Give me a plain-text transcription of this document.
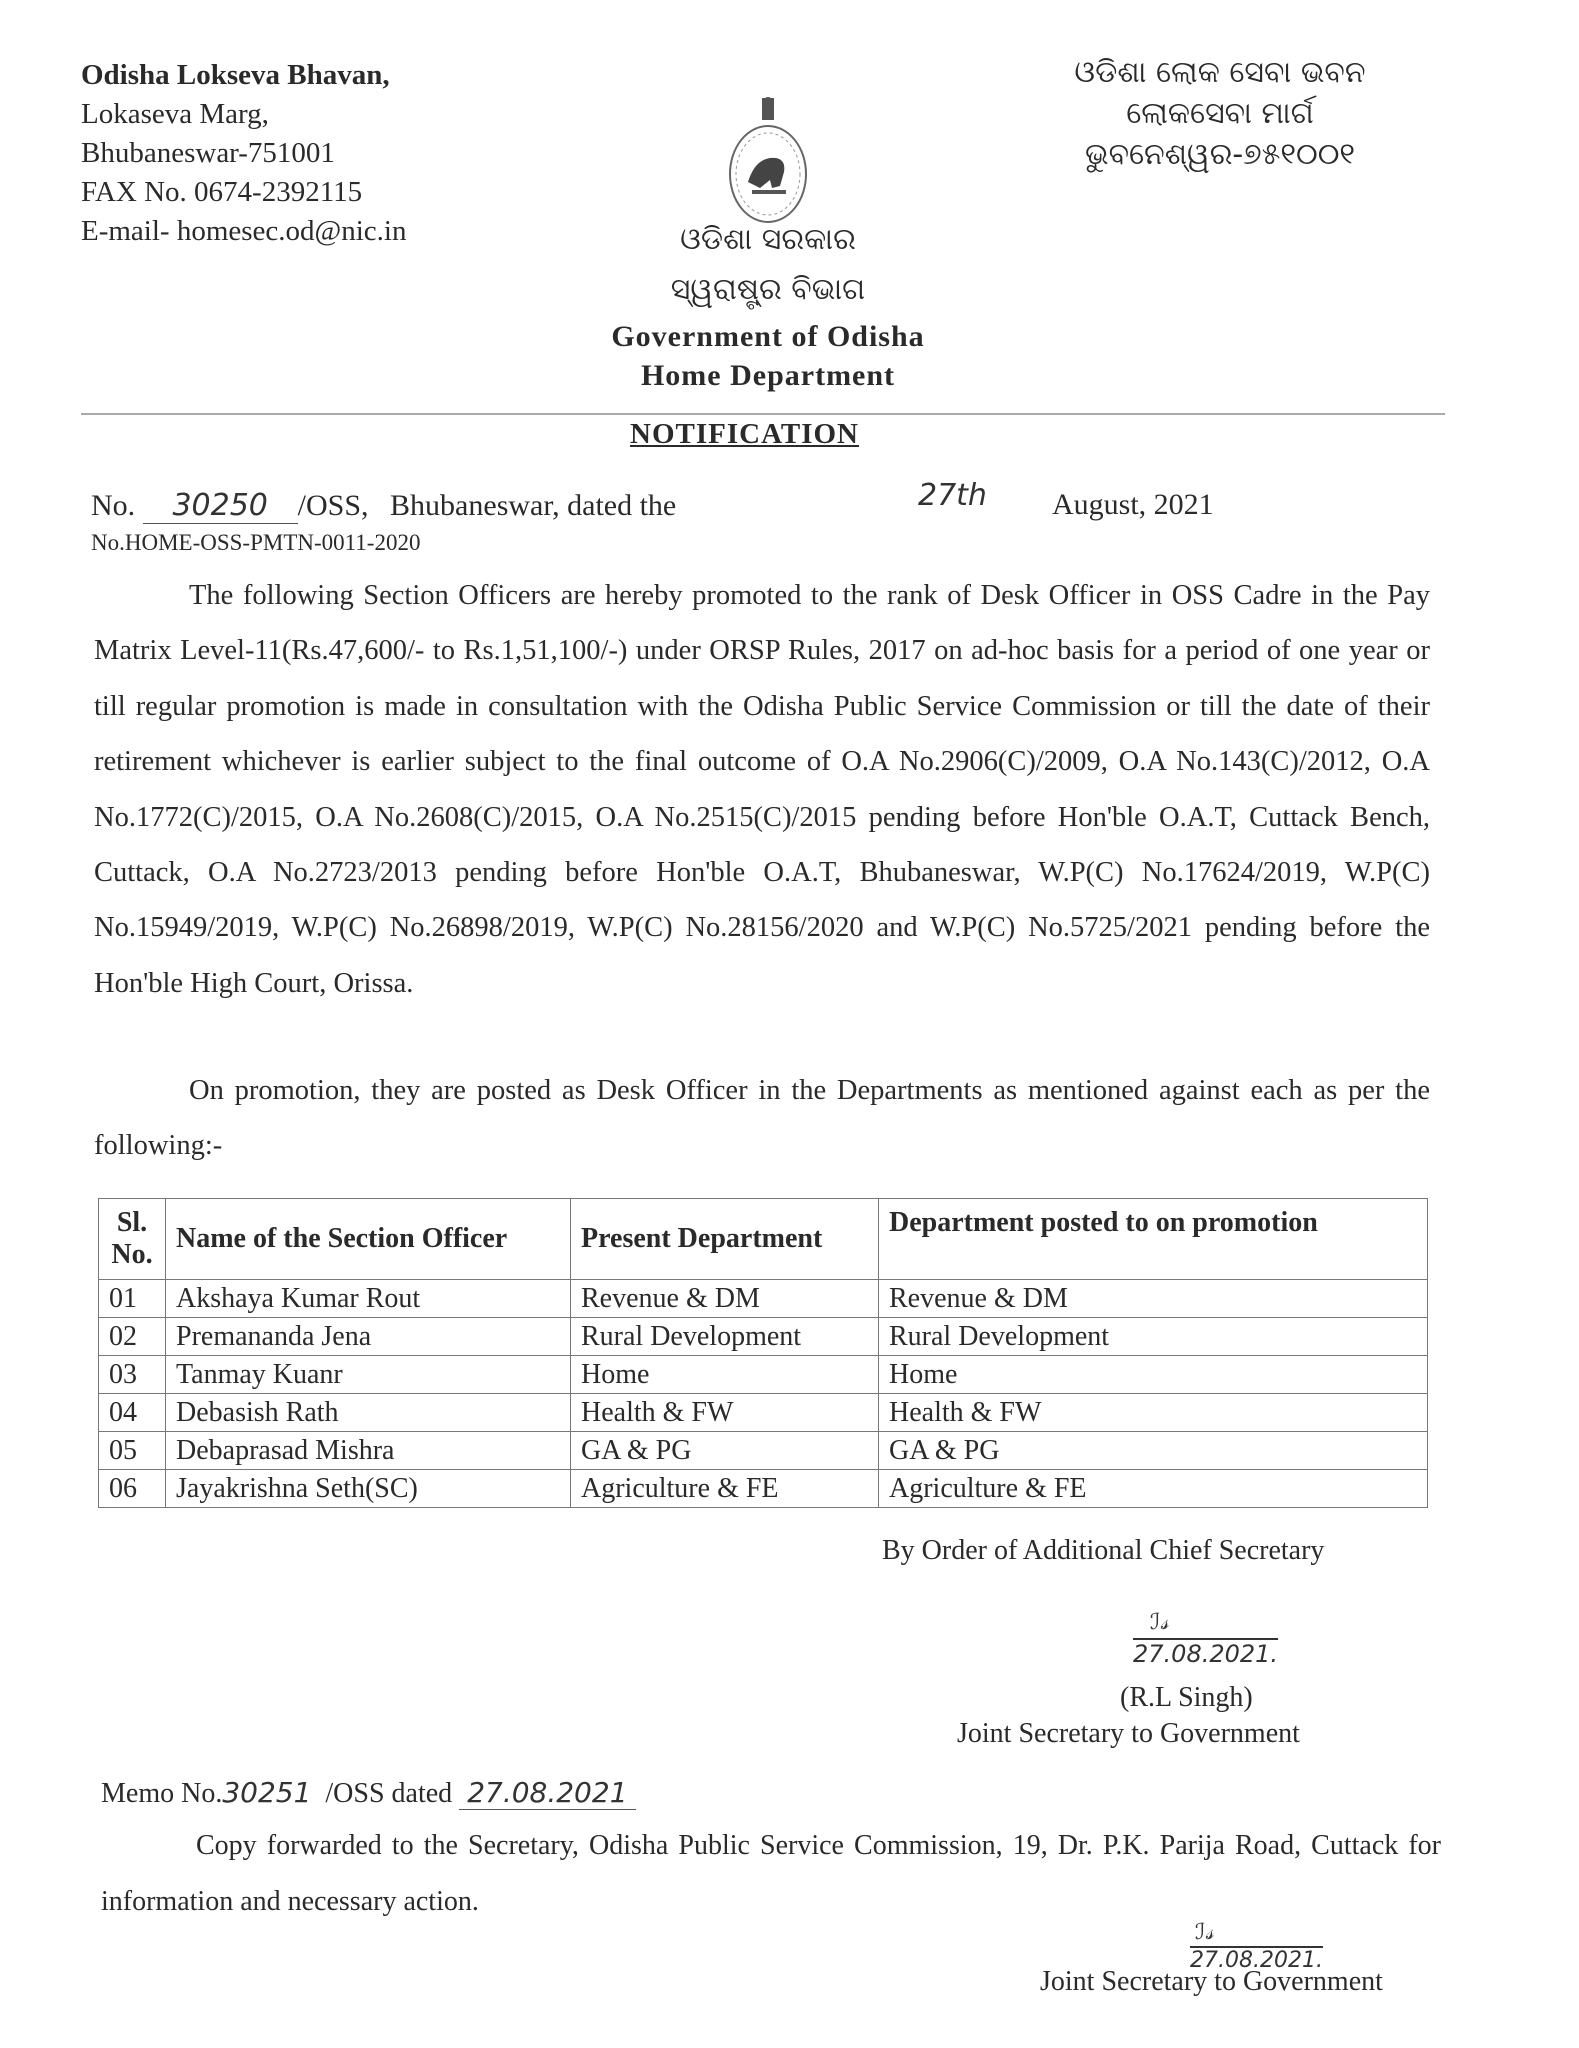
Odisha Lokseva Bhavan,
Lokaseva Marg,
Bhubaneswar-751001
FAX No. 0674-2392115
E-mail- homesec.od@nic.in
ଓଡିଶା ଲୋକ ସେବା ଭବନ
ଲୋକସେବା ମାର୍ଗ
ଭୁବନେଶ୍ୱର-୭୫୧୦୦୧
ଓଡିଶା ସରକାର
ସ୍ୱରାଷ୍ଟ୍ର ବିଭାଗ
Government of Odisha
Home Department
NOTIFICATION
No. 30250 /OSS, Bhubaneswar, dated the	27th August, 2021
No.HOME-OSS-PMTN-0011-2020
The following Section Officers are hereby promoted to the rank of Desk Officer in OSS Cadre in the Pay Matrix Level-11(Rs.47,600/- to Rs.1,51,100/-) under ORSP Rules, 2017 on ad-hoc basis for a period of one year or till regular promotion is made in consultation with the Odisha Public Service Commission or till the date of their retirement whichever is earlier subject to the final outcome of O.A No.2906(C)/2009, O.A No.143(C)/2012, O.A No.1772(C)/2015, O.A No.2608(C)/2015, O.A No.2515(C)/2015 pending before Hon'ble O.A.T, Cuttack Bench, Cuttack, O.A No.2723/2013 pending before Hon'ble O.A.T, Bhubaneswar, W.P(C) No.17624/2019, W.P(C) No.15949/2019, W.P(C) No.26898/2019, W.P(C) No.28156/2020 and W.P(C) No.5725/2021 pending before the Hon'ble High Court, Orissa.
On promotion, they are posted as Desk Officer in the Departments as mentioned against each as per the following:-
Sl. No.	Name of the Section Officer	Present Department	Department posted to on promotion
01	Akshaya Kumar Rout	Revenue & DM	Revenue & DM
02	Premananda Jena	Rural Development	Rural Development
03	Tanmay Kuanr	Home	Home
04	Debasish Rath	Health & FW	Health & FW
05	Debaprasad Mishra	GA & PG	GA & PG
06	Jayakrishna Seth(SC)	Agriculture & FE	Agriculture & FE
By Order of Additional Chief Secretary
ℐ𝓈
27.08.2021.
(R.L Singh)
Joint Secretary to Government
Memo No.30251 /OSS dated 27.08.2021
Copy forwarded to the Secretary, Odisha Public Service Commission, 19, Dr. P.K. Parija Road, Cuttack for information and necessary action.
ℐ𝓈
27.08.2021.
Joint Secretary to Government
